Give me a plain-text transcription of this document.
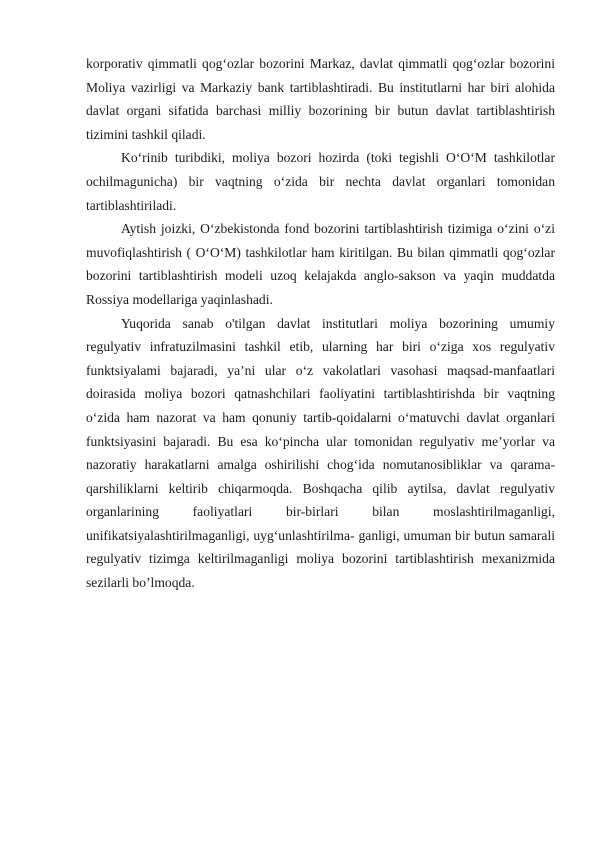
korporativ qimmatli qog‘ozlar bozorini Markaz, davlat qimmatli qog‘ozlar bozorini Moliya vazirligi va Markaziy bank tartiblashtiradi. Bu institutlarni har biri alohida davlat organi sifatida barchasi milliy bozorining bir butun davlat tartiblashtirish tizimini tashkil qiladi.

Ko‘rinib turibdiki, moliya bozori hozirda (toki tegishli O‘O‘M tashkilotlar ochilmagunicha) bir vaqtning o‘zida bir nechta davlat organlari tomonidan tartiblashtiriladi.

Aytish joizki, O‘zbekistonda fond bozorini tartiblashtirish tizimiga o‘zini o‘zi muvofiqlashtirish ( O‘O‘M) tashkilotlar ham kiritilgan. Bu bilan qimmatli qog‘ozlar bozorini tartiblashtirish modeli uzoq kelajakda anglo-sakson va yaqin muddatda Rossiya modellariga yaqinlashadi.

Yuqorida sanab o'tilgan davlat institutlari moliya bozorining umumiy regulyativ infratuzilmasini tashkil etib, ularning har biri o‘ziga xos regulyativ funktsiyalami bajaradi, ya’ni ular o‘z vakolatlari vasohasi maqsad-manfaatlari doirasida moliya bozori qatnashchilari faoliyatini tartiblashtirishda bir vaqtning o‘zida ham nazorat va ham qonuniy tartib-qoidalarni o‘matuvchi davlat organlari funktsiyasini bajaradi. Bu esa ko‘pincha ular tomonidan regulyativ me’yorlar va nazoratiy harakatlarni amalga oshirilishi chog‘ida nomutanosibliklar va qarama-qarshiliklarni keltirib chiqarmoqda. Boshqacha qilib aytilsa, davlat regulyativ organlarining faoliyatlari bir-birlari bilan moslashtirilmaganligi, unifikatsiyalashtirilmaganligi, uyg‘unlashtirilma- ganligi, umuman bir butun samarali regulyativ tizimga keltirilmaganligi moliya bozorini tartiblashtirish mexanizmida sezilarli bo’lmoqda.
